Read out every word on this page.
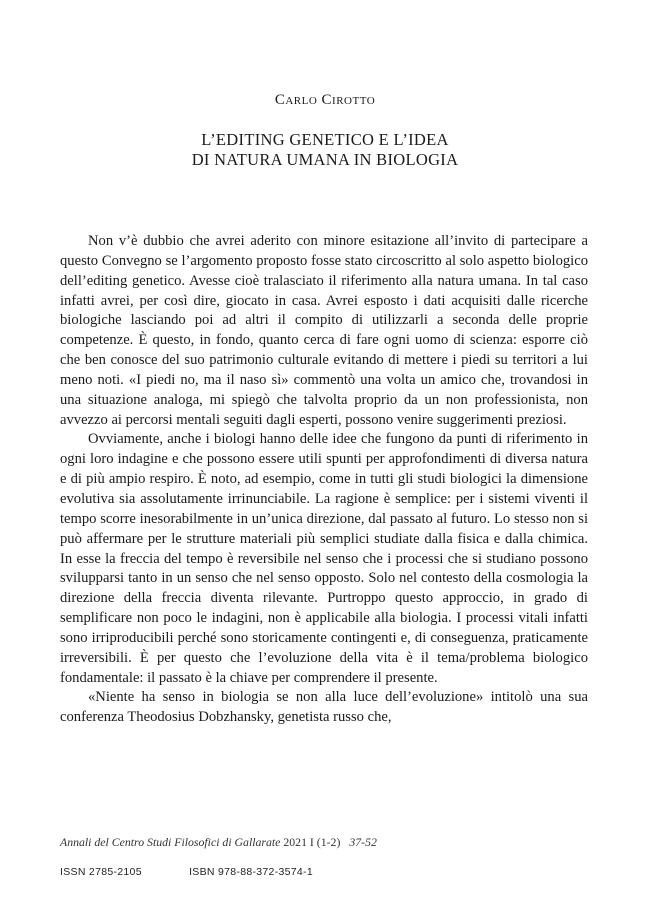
Carlo Cirotto
L’EDITING GENETICO E L’IDEA
DI NATURA UMANA IN BIOLOGIA

Non v’è dubbio che avrei aderito con minore esitazione all’invito di partecipare a questo Convegno se l’argomento proposto fosse stato circoscritto al solo aspetto biologico dell’editing genetico. Avesse cioè tralasciato il riferimento alla natura umana. In tal caso infatti avrei, per così dire, giocato in casa. Avrei esposto i dati acquisiti dalle ricerche biologiche lasciando poi ad altri il compito di utilizzarli a seconda delle proprie competenze. È questo, in fondo, quanto cerca di fare ogni uomo di scienza: esporre ciò che ben conosce del suo patrimonio culturale evitando di mettere i piedi su territori a lui meno noti. «I piedi no, ma il naso sì» commentò una volta un amico che, trovandosi in una situazione analoga, mi spiegò che talvolta proprio da un non professionista, non avvezzo ai percorsi mentali seguiti dagli esperti, possono venire suggerimenti preziosi.

Ovviamente, anche i biologi hanno delle idee che fungono da punti di riferimento in ogni loro indagine e che possono essere utili spunti per approfondimenti di diversa natura e di più ampio respiro. È noto, ad esempio, come in tutti gli studi biologici la dimensione evolutiva sia assolutamente irrinunciabile. La ragione è semplice: per i sistemi viventi il tempo scorre inesorabilmente in un’unica direzione, dal passato al futuro. Lo stesso non si può affermare per le strutture materiali più semplici studiate dalla fisica e dalla chimica. In esse la freccia del tempo è reversibile nel senso che i processi che si studiano possono svilupparsi tanto in un senso che nel senso opposto. Solo nel contesto della cosmologia la direzione della freccia diventa rilevante. Purtroppo questo approccio, in grado di semplificare non poco le indagini, non è applicabile alla biologia. I processi vitali infatti sono irriproducibili perché sono storicamente contingenti e, di conseguenza, praticamente irreversibili. È per questo che l’evoluzione della vita è il tema/problema biologico fondamentale: il passato è la chiave per comprendere il presente.

«Niente ha senso in biologia se non alla luce dell’evoluzione» intitolò una sua conferenza Theodosius Dobzhansky, genetista russo che,

Annali del Centro Studi Filosofici di Gallarate 2021 I (1-2) 37-52
ISSN 2785-2105	ISBN 978-88-372-3574-1
